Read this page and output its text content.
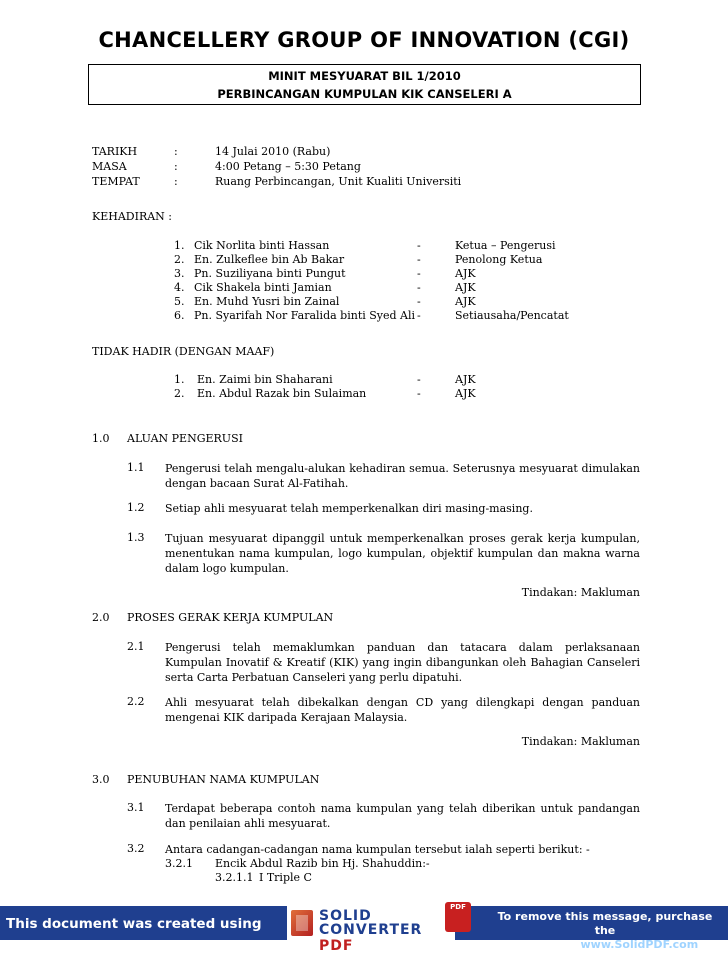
CHANCELLERY GROUP OF INNOVATION (CGI)
MINIT MESYUARAT BIL 1/2010
PERBINCANGAN KUMPULAN KIK CANSELERI A
TARIKH	:	14 Julai 2010 (Rabu)
MASA	:	4:00 Petang – 5:30 Petang
TEMPAT	:	Ruang Perbincangan, Unit Kualiti Universiti
KEHADIRAN :
1. Cik Norlita binti Hassan	-	Ketua – Pengerusi
2. En. Zulkeflee bin Ab Bakar	-	Penolong Ketua
3. Pn. Suziliyana binti Pungut	-	AJK
4. Cik Shakela binti Jamian	-	AJK
5. En. Muhd Yusri bin Zainal	-	AJK
6. Pn. Syarifah Nor Faralida binti Syed Ali -	Setiausaha/Pencatat
TIDAK HADIR (DENGAN MAAF)
1. En. Zaimi bin Shaharani	-	AJK
2. En. Abdul Razak bin Sulaiman	-	AJK
1.0 ALUAN PENGERUSI
1.1 Pengerusi telah mengalu-alukan kehadiran semua. Seterusnya mesyuarat dimulakan dengan bacaan Surat Al-Fatihah.
1.2 Setiap ahli mesyuarat telah memperkenalkan diri masing-masing.
1.3 Tujuan mesyuarat dipanggil untuk memperkenalkan proses gerak kerja kumpulan, menentukan nama kumpulan, logo kumpulan, objektif kumpulan dan makna warna dalam logo kumpulan.
Tindakan: Makluman
2.0 PROSES GERAK KERJA KUMPULAN
2.1 Pengerusi telah memaklumkan panduan dan tatacara dalam perlaksanaan Kumpulan Inovatif & Kreatif (KIK) yang ingin dibangunkan oleh Bahagian Canseleri serta Carta Perbatuan Canseleri yang perlu dipatuhi.
2.2 Ahli mesyuarat telah dibekalkan dengan CD yang dilengkapi dengan panduan mengenai KIK daripada Kerajaan Malaysia.
Tindakan: Makluman
3.0 PENUBUHAN NAMA KUMPULAN
3.1 Terdapat beberapa contoh nama kumpulan yang telah diberikan untuk pandangan dan penilaian ahli mesyuarat.
3.2 Antara cadangan-cadangan nama kumpulan tersebut ialah seperti berikut: -
3.2.1 Encik Abdul Razib bin Hj. Shahuddin:-
3.2.1.1 I Triple C
This document was created using	SOLID
CONVERTER PDF
PDF
To remove this message, purchase the
product at www.SolidPDF.com
